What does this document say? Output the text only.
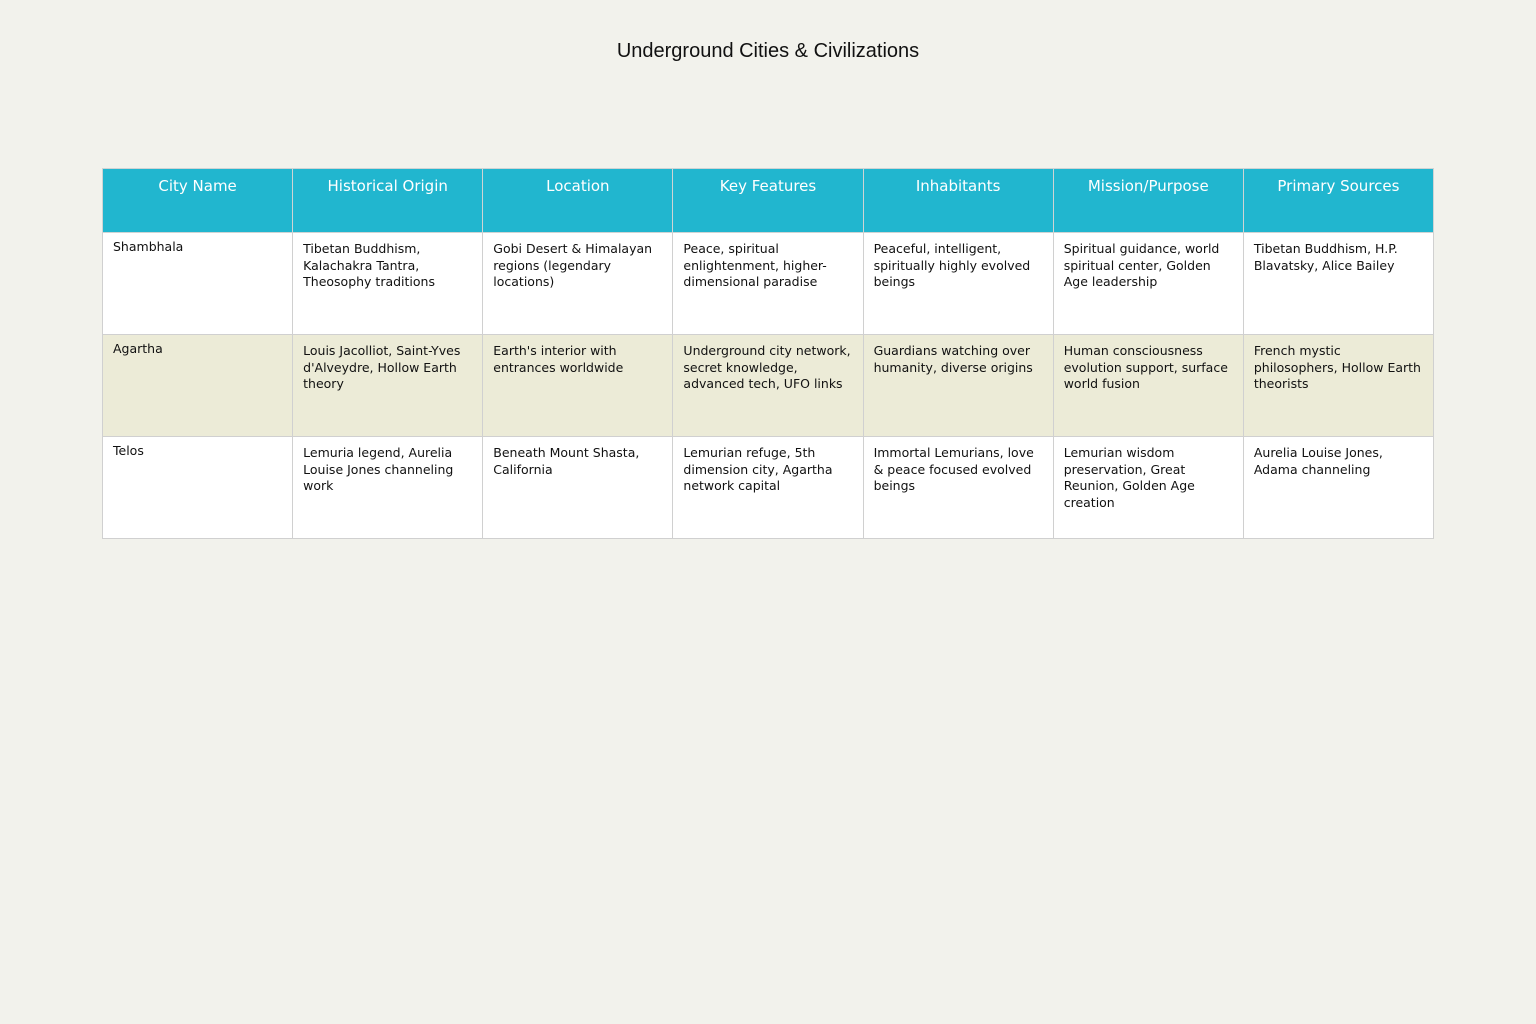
Underground Cities & Civilizations
City Name	Historical Origin	Location	Key Features	Inhabitants	Mission/Purpose	Primary Sources
Shambhala	Tibetan Buddhism, Kalachakra Tantra, Theosophy traditions	Gobi Desert & Himalayan regions (legendary locations)	Peace, spiritual enlightenment, higher-dimensional paradise	Peaceful, intelligent, spiritually highly evolved beings	Spiritual guidance, world spiritual center, Golden Age leadership	Tibetan Buddhism, H.P. Blavatsky, Alice Bailey
Agartha	Louis Jacolliot, Saint-Yves d'Alveydre, Hollow Earth theory	Earth's interior with entrances worldwide	Underground city network, secret knowledge, advanced tech, UFO links	Guardians watching over humanity, diverse origins	Human consciousness evolution support, surface world fusion	French mystic philosophers, Hollow Earth theorists
Telos	Lemuria legend, Aurelia Louise Jones channeling work	Beneath Mount Shasta, California	Lemurian refuge, 5th dimension city, Agartha network capital	Immortal Lemurians, love & peace focused evolved beings	Lemurian wisdom preservation, Great Reunion, Golden Age creation	Aurelia Louise Jones, Adama channeling
